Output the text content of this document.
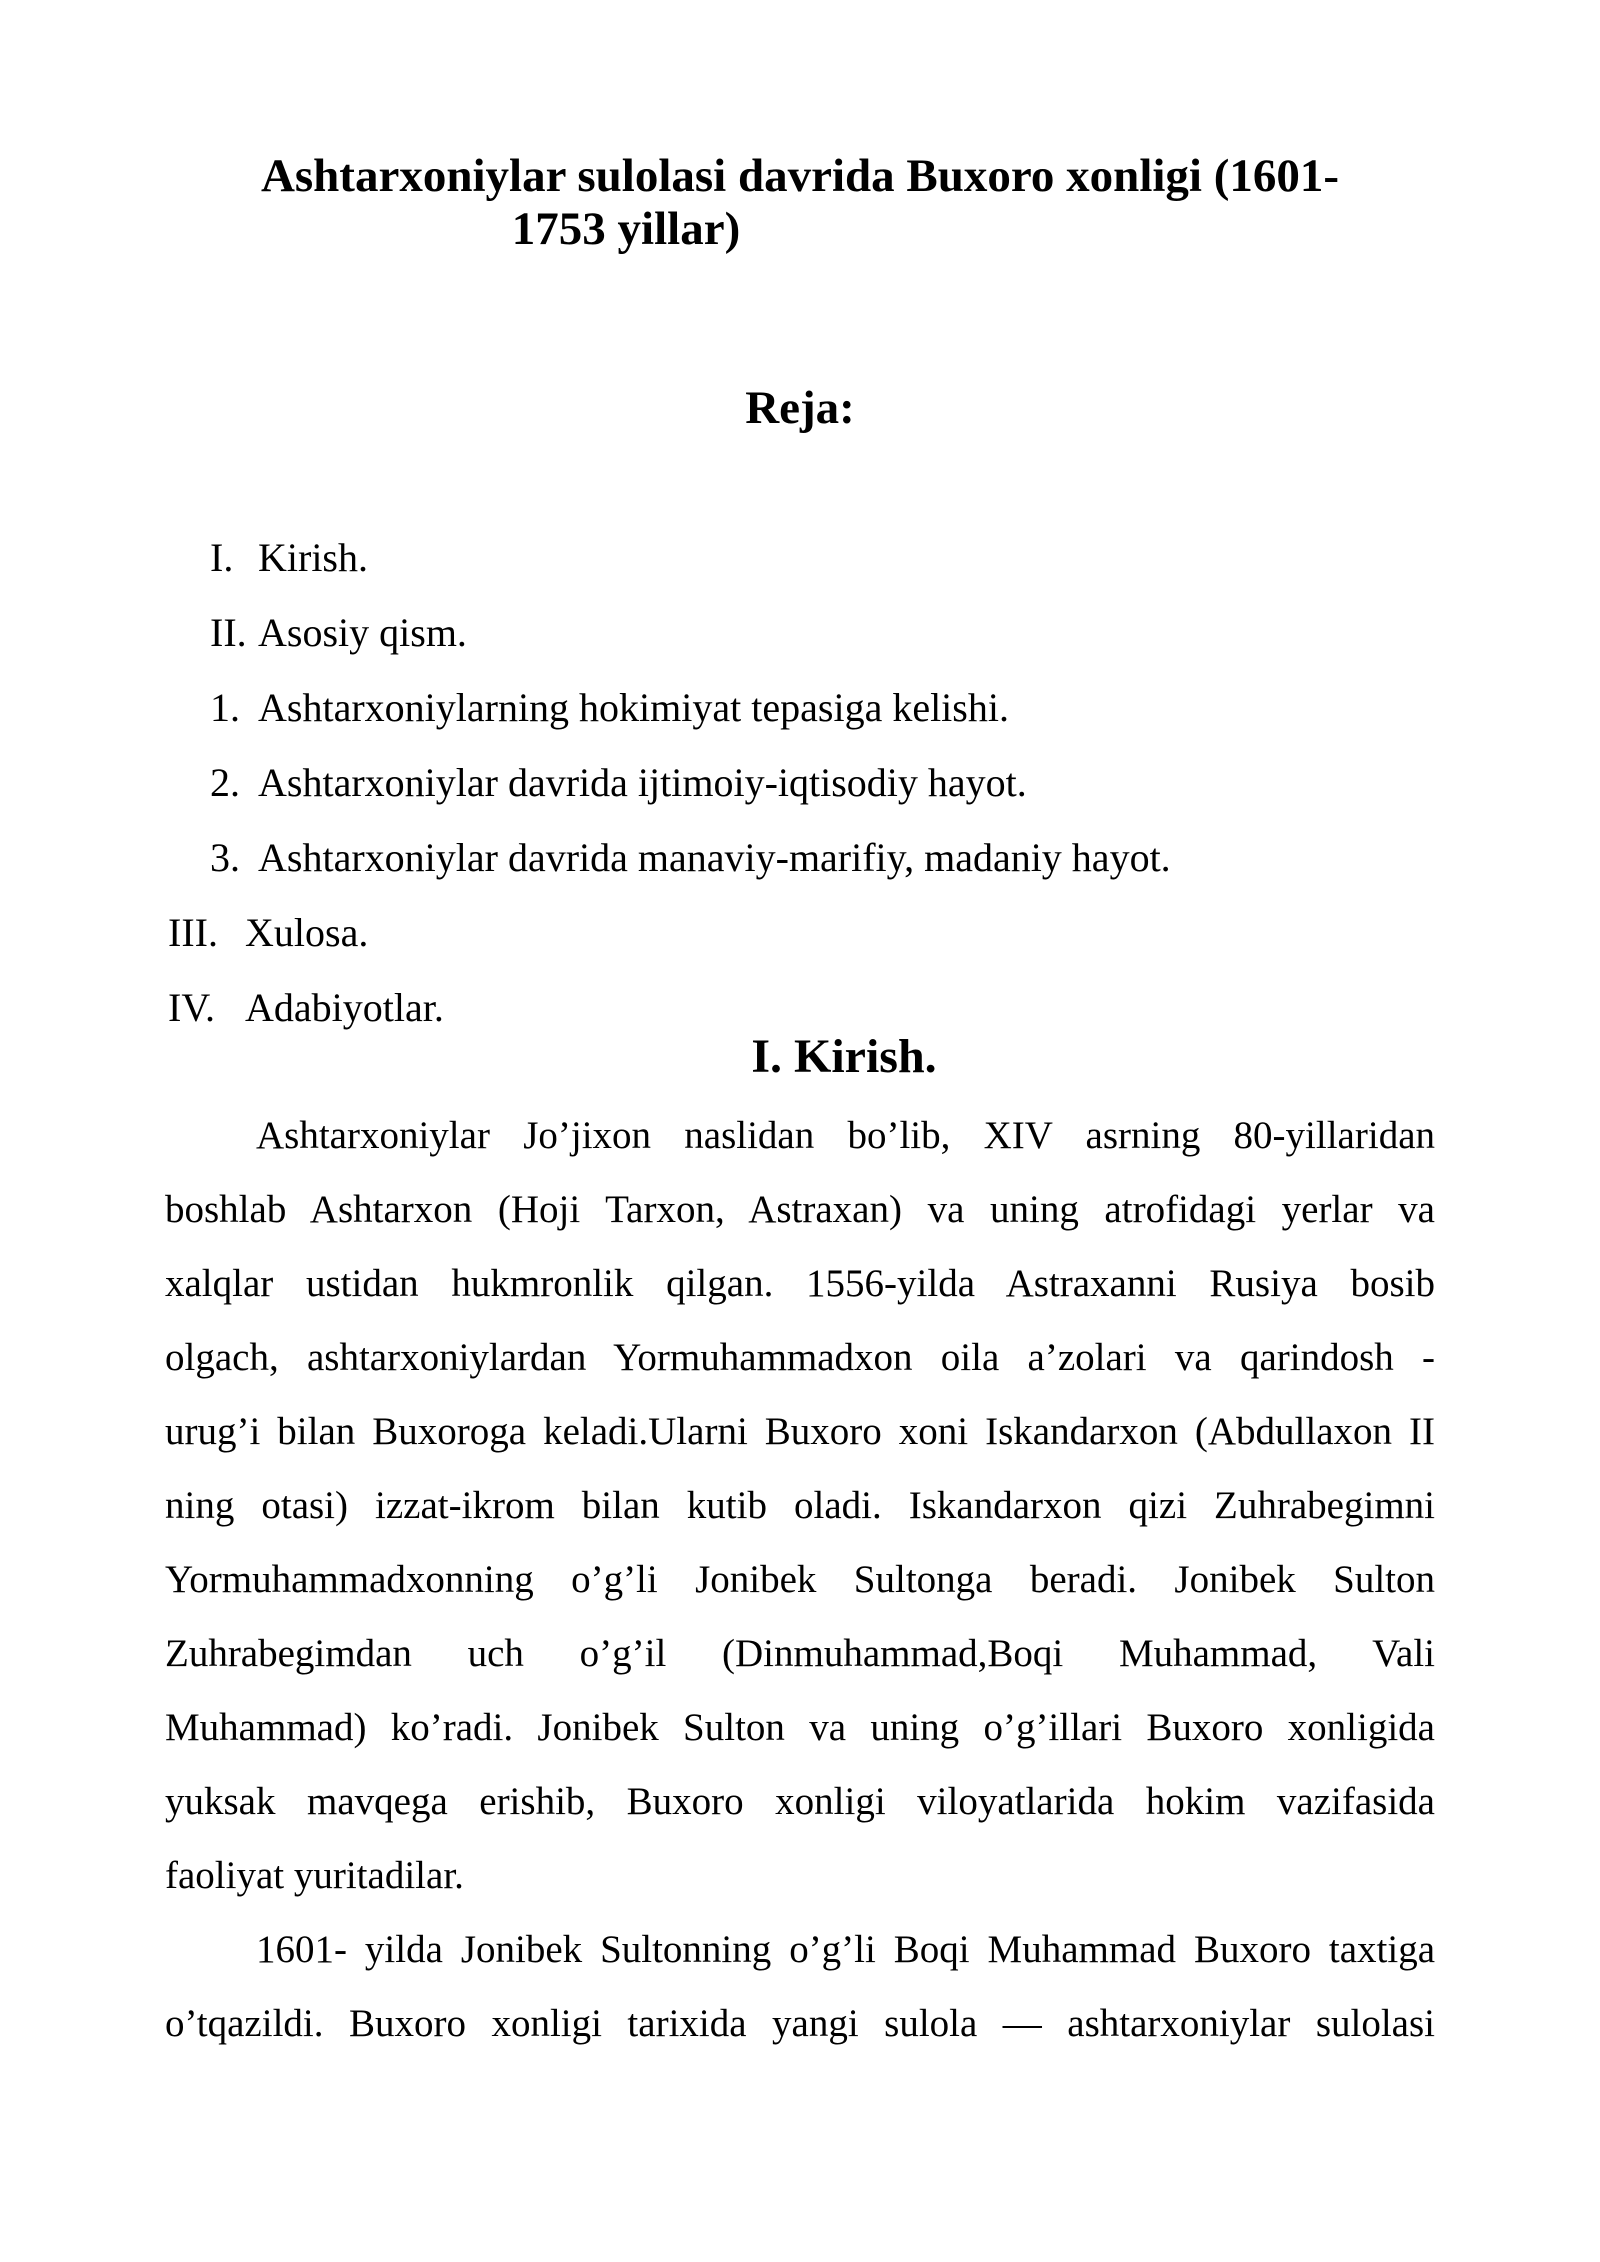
Ashtarxoniylar sulolasi davrida Buxoro xonligi (1601-
1753 yillar)
Reja:
I. Kirish.
II. Asosiy qism.
1. Ashtarxoniylarning hokimiyat tepasiga kelishi.
2. Ashtarxoniylar davrida ijtimoiy-iqtisodiy hayot.
3. Ashtarxoniylar davrida manaviy-marifiy, madaniy hayot.
III. Xulosa.
IV. Adabiyotlar.
I. Kirish.
Ashtarxoniylar Jo’jixon naslidan bo’lib, XIV asrning 80-yillaridan
boshlab Ashtarxon (Hoji Tarxon, Astraxan) va uning atrofidagi yerlar va
xalqlar ustidan hukmronlik qilgan. 1556-yilda Astraxanni Rusiya bosib
olgach, ashtarxoniylardan Yormuhammadxon oila a’zolari va qarindosh -
urug’i bilan Buxoroga keladi.Ularni Buxoro xoni Iskandarxon (Abdullaxon II
ning otasi) izzat-ikrom bilan kutib oladi. Iskandarxon qizi Zuhrabegimni
Yormuhammadxonning o’g’li Jonibek Sultonga beradi. Jonibek Sulton
Zuhrabegimdan uch o’g’il (Dinmuhammad,Boqi Muhammad, Vali
Muhammad) ko’radi. Jonibek Sulton va uning o’g’illari Buxoro xonligida
yuksak mavqega erishib, Buxoro xonligi viloyatlarida hokim vazifasida
faoliyat yuritadilar.
1601- yilda Jonibek Sultonning o’g’li Boqi Muhammad Buxoro taxtiga
o’tqazildi. Buxoro xonligi tarixida yangi sulola — ashtarxoniylar sulolasi
